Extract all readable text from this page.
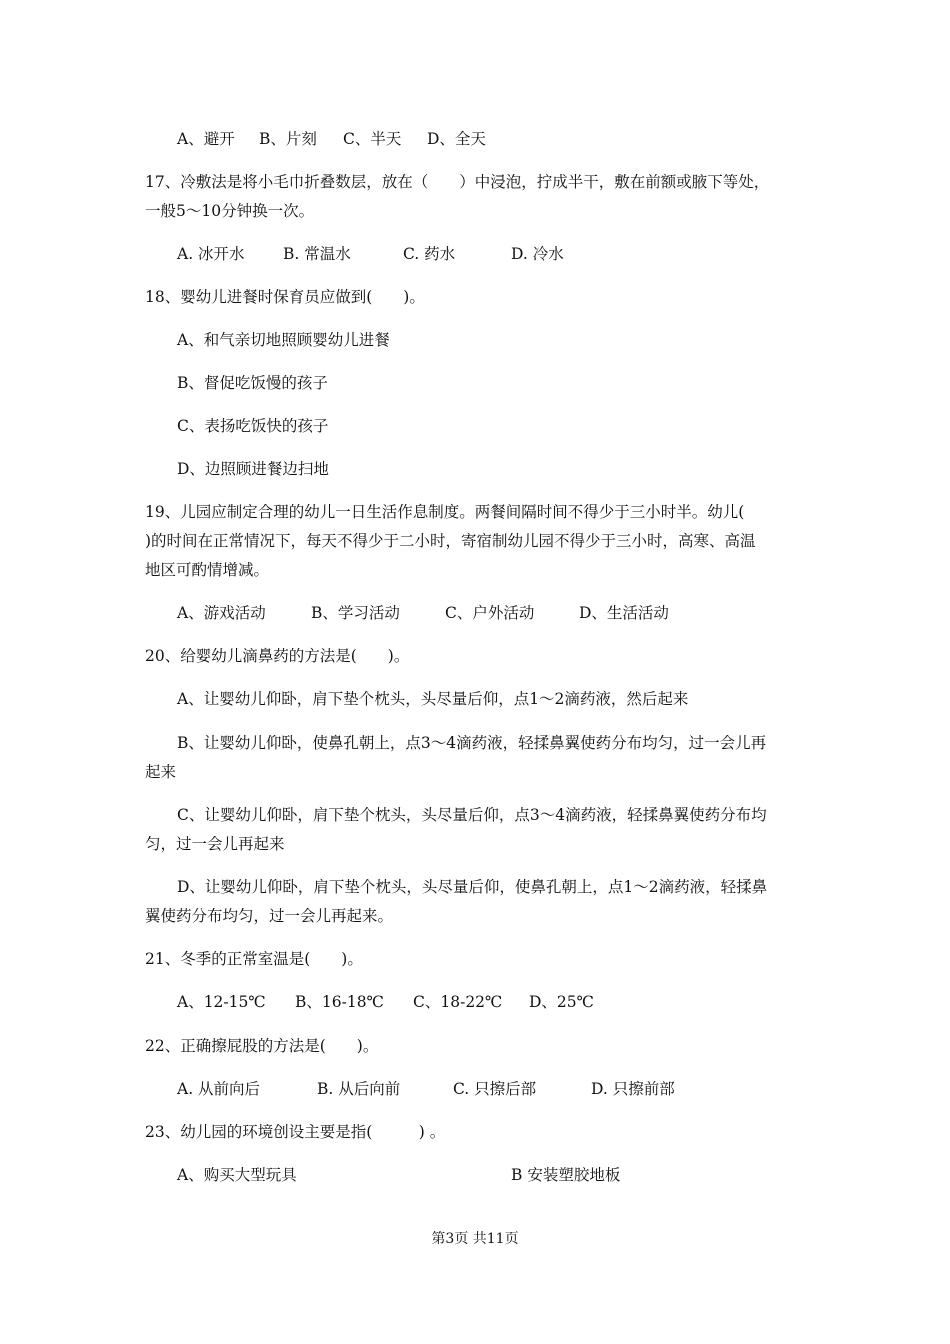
A、避开 B、片刻 C、半天 D、全天
17、冷敷法是将小毛巾折叠数层，放在（　　）中浸泡，拧成半干，敷在前额或腋下等处，
一般5～10分钟换一次。
A. 冰开水 B. 常温水	C. 药水	D. 冷水
18、婴幼儿进餐时保育员应做到(　　)。
A、和气亲切地照顾婴幼儿进餐
B、督促吃饭慢的孩子
C、表扬吃饭快的孩子
D、边照顾进餐边扫地
19、儿园应制定合理的幼儿一日生活作息制度。两餐间隔时间不得少于三小时半。幼儿(
)的时间在正常情况下，每天不得少于二小时，寄宿制幼儿园不得少于三小时，高寒、高温
地区可酌情增减。
A、游戏活动	B、学习活动	C、户外活动	D、生活活动
20、给婴幼儿滴鼻药的方法是(　　)。
A、让婴幼儿仰卧，肩下垫个枕头，头尽量后仰，点1～2滴药液，然后起来
B、让婴幼儿仰卧，使鼻孔朝上，点3～4滴药液，轻揉鼻翼使药分布均匀，过一会儿再
起来
C、让婴幼儿仰卧，肩下垫个枕头，头尽量后仰，点3～4滴药液，轻揉鼻翼使药分布均
匀，过一会儿再起来
D、让婴幼儿仰卧，肩下垫个枕头，头尽量后仰，使鼻孔朝上，点1～2滴药液，轻揉鼻
翼使药分布均匀，过一会儿再起来。
21、冬季的正常室温是(　　)。
A、12-15℃ B、16-18℃ C、18-22℃ D、25℃
22、正确擦屁股的方法是(　　)。
A. 从前向后	B. 从后向前	C. 只擦后部	D. 只擦前部
23、幼儿园的环境创设主要是指(　　　) 。
A、购买大型玩具	B 安装塑胶地板
第3页 共11页
